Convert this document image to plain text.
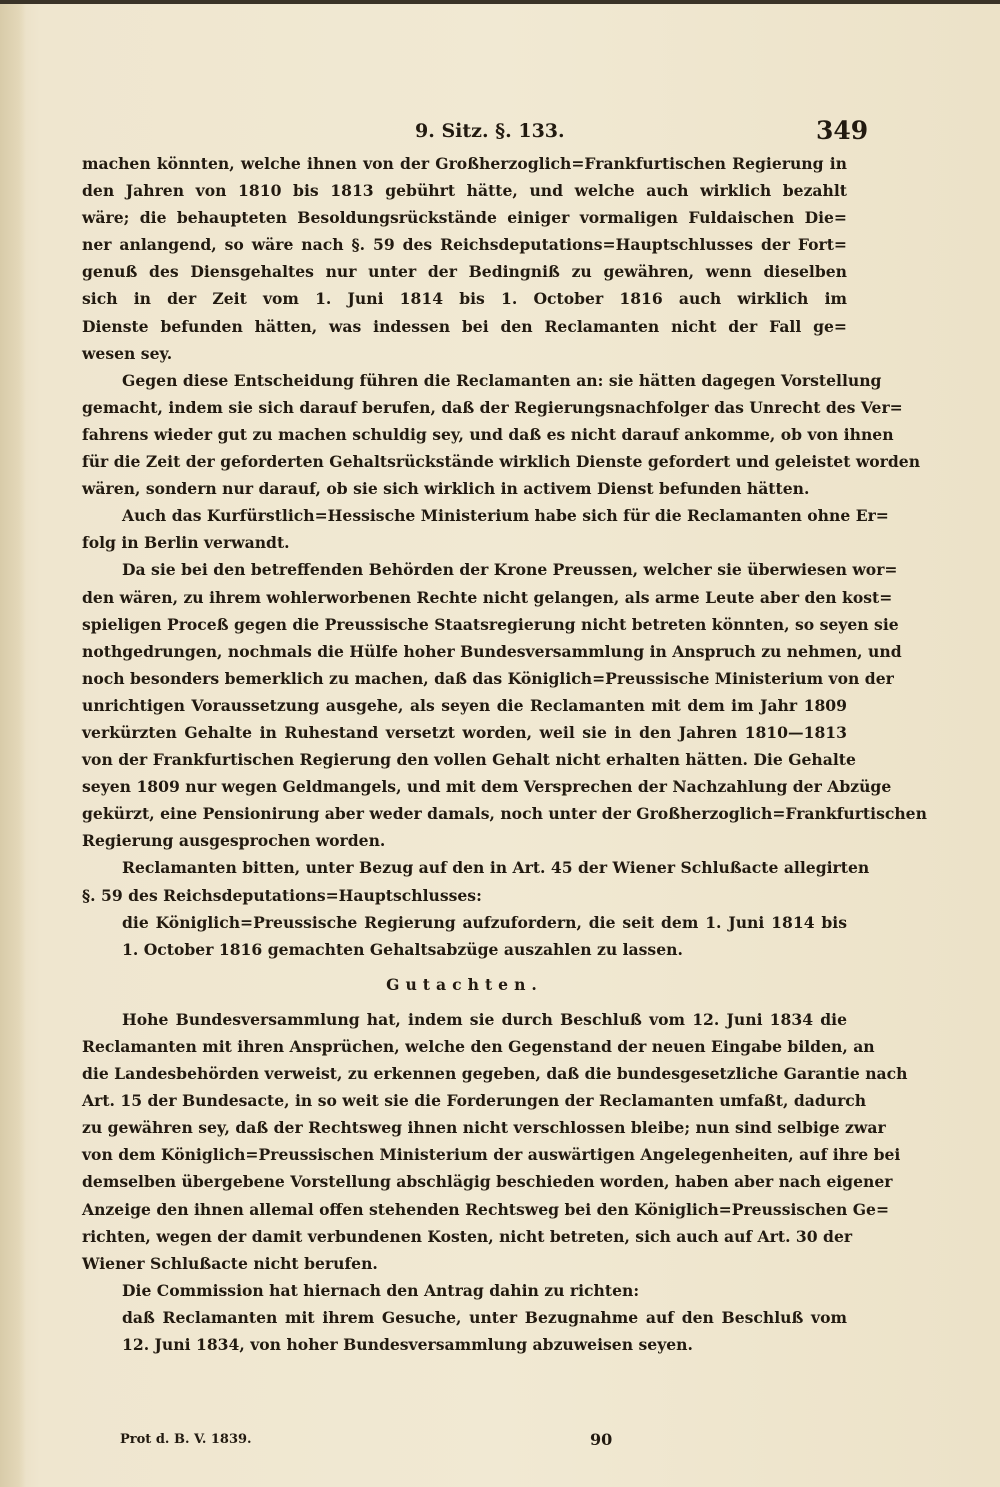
9. Sitz. §. 133.	349
machen könnten, welche ihnen von der Großherzoglich=Frankfurtischen Regierung in
den Jahren von 1810 bis 1813 gebührt hätte, und welche auch wirklich bezahlt
wäre; die behaupteten Besoldungsrückstände einiger vormaligen Fuldaischen Die=
ner anlangend, so wäre nach §. 59 des Reichsdeputations=Hauptschlusses der Fort=
genuß des Diensgehaltes nur unter der Bedingniß zu gewähren, wenn dieselben
sich in der Zeit vom 1. Juni 1814 bis 1. October 1816 auch wirklich im
Dienste befunden hätten, was indessen bei den Reclamanten nicht der Fall ge=
wesen sey.
Gegen diese Entscheidung führen die Reclamanten an: sie hätten dagegen Vorstellung
gemacht, indem sie sich darauf berufen, daß der Regierungsnachfolger das Unrecht des Ver=
fahrens wieder gut zu machen schuldig sey, und daß es nicht darauf ankomme, ob von ihnen
für die Zeit der geforderten Gehaltsrückstände wirklich Dienste gefordert und geleistet worden
wären, sondern nur darauf, ob sie sich wirklich in activem Dienst befunden hätten.
Auch das Kurfürstlich=Hessische Ministerium habe sich für die Reclamanten ohne Er=
folg in Berlin verwandt.
Da sie bei den betreffenden Behörden der Krone Preussen, welcher sie überwiesen wor=
den wären, zu ihrem wohlerworbenen Rechte nicht gelangen, als arme Leute aber den kost=
spieligen Proceß gegen die Preussische Staatsregierung nicht betreten könnten, so seyen sie
nothgedrungen, nochmals die Hülfe hoher Bundesversammlung in Anspruch zu nehmen, und
noch besonders bemerklich zu machen, daß das Königlich=Preussische Ministerium von der
unrichtigen Voraussetzung ausgehe, als seyen die Reclamanten mit dem im Jahr 1809
verkürzten Gehalte in Ruhestand versetzt worden, weil sie in den Jahren 1810—1813
von der Frankfurtischen Regierung den vollen Gehalt nicht erhalten hätten. Die Gehalte
seyen 1809 nur wegen Geldmangels, und mit dem Versprechen der Nachzahlung der Abzüge
gekürzt, eine Pensionirung aber weder damals, noch unter der Großherzoglich=Frankfurtischen
Regierung ausgesprochen worden.
Reclamanten bitten, unter Bezug auf den in Art. 45 der Wiener Schlußacte allegirten
§. 59 des Reichsdeputations=Hauptschlusses:
die Königlich=Preussische Regierung aufzufordern, die seit dem 1. Juni 1814 bis
1. October 1816 gemachten Gehaltsabzüge auszahlen zu lassen.
Gutachten.
Hohe Bundesversammlung hat, indem sie durch Beschluß vom 12. Juni 1834 die
Reclamanten mit ihren Ansprüchen, welche den Gegenstand der neuen Eingabe bilden, an
die Landesbehörden verweist, zu erkennen gegeben, daß die bundesgesetzliche Garantie nach
Art. 15 der Bundesacte, in so weit sie die Forderungen der Reclamanten umfaßt, dadurch
zu gewähren sey, daß der Rechtsweg ihnen nicht verschlossen bleibe; nun sind selbige zwar
von dem Königlich=Preussischen Ministerium der auswärtigen Angelegenheiten, auf ihre bei
demselben übergebene Vorstellung abschlägig beschieden worden, haben aber nach eigener
Anzeige den ihnen allemal offen stehenden Rechtsweg bei den Königlich=Preussischen Ge=
richten, wegen der damit verbundenen Kosten, nicht betreten, sich auch auf Art. 30 der
Wiener Schlußacte nicht berufen.
Die Commission hat hiernach den Antrag dahin zu richten:
daß Reclamanten mit ihrem Gesuche, unter Bezugnahme auf den Beschluß vom
12. Juni 1834, von hoher Bundesversammlung abzuweisen seyen.
Prot d. B. V. 1839.	90
